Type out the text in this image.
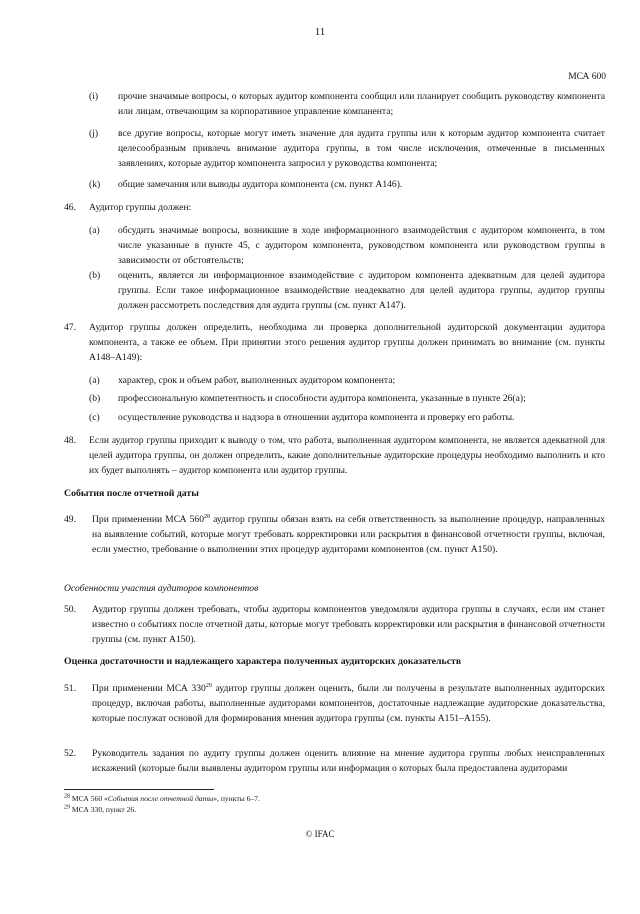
11
МСА 600
(i) прочие значимые вопросы, о которых аудитор компонента сообщил или планирует сообщить руководству компонента или лицам, отвечающим за корпоративное управление компанента;
(j) все другие вопросы, которые могут иметь значение для аудита группы или к которым аудитор компонента считает целесообразным привлечь внимание аудитора группы, в том числе исключения, отмеченные в письменных заявлениях, которые аудитор компонента запросил у руководства компонента;
(k) общие замечания или выводы аудитора компонента (см. пункт А146).
46. Аудитор группы должен:
(a) обсудить значимые вопросы, возникшие в ходе информационного взаимодействия с аудитором компонента, в том числе указанные в пункте 45, с аудитором компонента, руководством компонента или руководством группы в зависимости от обстоятельств;
(b) оценить, является ли информационное взаимодействие с аудитором компонента адекватным для целей аудитора группы. Если такое информационное взаимодействие неадекватно для целей аудитора группы, аудитор группы должен рассмотреть последствия для аудита группы (см. пункт А147).
47. Аудитор группы должен определить, необходима ли проверка дополнительной аудиторской документации аудитора компонента, а также ее объем. При принятии этого решения аудитор группы должен принимать во внимание (см. пункты А148–А149):
(a) характер, срок и объем работ, выполненных аудитором компонента;
(b) профессиональную компетентность и способности аудитора компонента, указанные в пункте 26(а);
(c) осуществление руководства и надзора в отношении аудитора компонента и проверку его работы.
48. Если аудитор группы приходит к выводу о том, что работа, выполненная аудитором компонента, не является адекватной для целей аудитора группы, он должен определить, какие дополнительные аудиторские процедуры необходимо выполнить и кто их будет выполнять – аудитор компонента или аудитор группы.
События после отчетной даты
49. При применении МСА $560^{28}$ аудитор группы обязан взять на себя ответственность за выполнение процедур, направленных на выявление событий, которые могут требовать корректировки или раскрытия в финансовой отчетности группы, включая, если уместно, требование о выполнении этих процедур аудиторами компонентов (см. пункт А150).
Особенности участия аудиторов компонентов
50. Аудитор группы должен требовать, чтобы аудиторы компонентов уведомляли аудитора группы в случаях, если им станет известно о событиях после отчетной даты, которые могут требовать корректировки или раскрытия в финансовой отчетности группы (см. пункт А150).
Оценка достаточности и надлежащего характера полученных аудиторских доказательств
51. При применении МСА $330^{29}$ аудитор группы должен оценить, были ли получены в результате выполненных аудиторских процедур, включая работы, выполненные аудиторами компонентов, достаточные надлежащие аудиторские доказательства, которые послужат основой для формирования мнения аудитора группы (см. пункты А151–А155).
52. Руководитель задания по аудиту группы должен оценить влияние на мнение аудитора группы любых неисправленных искажений (которые были выявлены аудитором группы или информация о которых была предоставлена аудиторами
$^{28}$ МСА 560 «События после отчетной даты», пункты 6–7.
$^{29}$ МСА 330, пункт 26.
© IFAC
